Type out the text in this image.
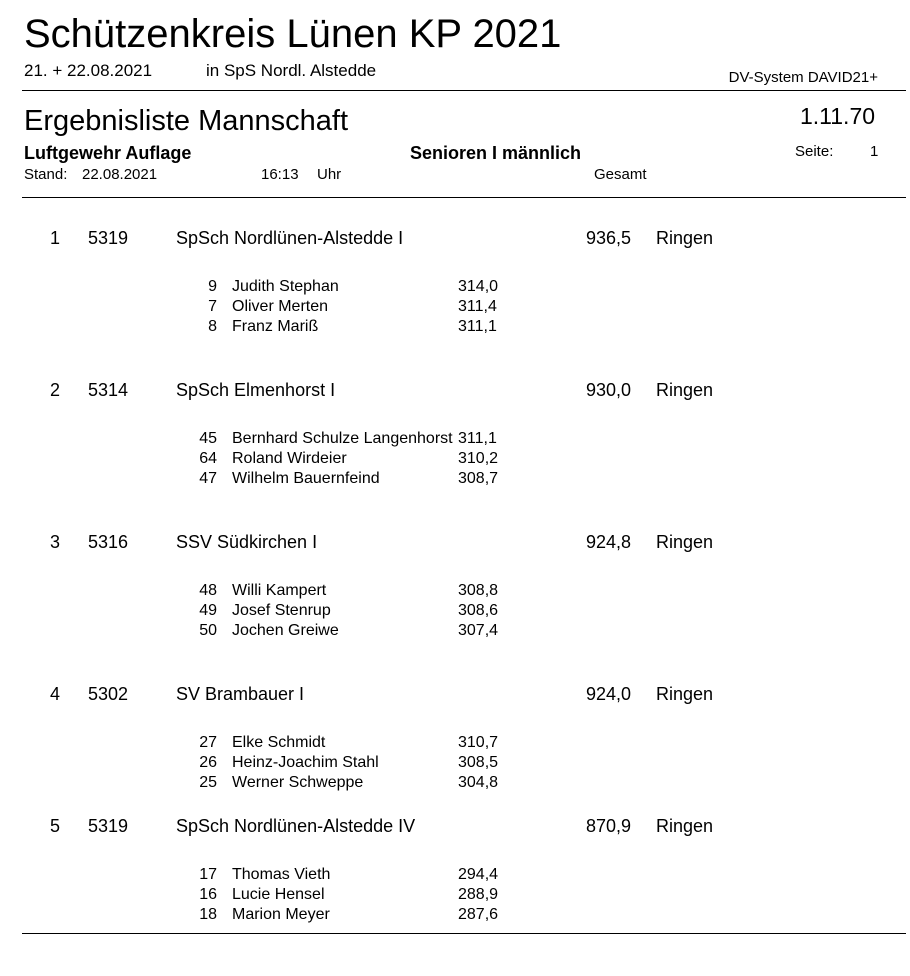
Schützenkreis Lünen KP 2021
21. + 22.08.2021	in SpS Nordl. Alstedde	DV-System DAVID21+
Ergebnisliste Mannschaft	1.11.70
Luftgewehr Auflage	Senioren I männlich	Seite: 1
Stand: 22.08.2021	16:13 Uhr	Gesamt
1 5319	SpSch Nordlünen-Alstedde I	936,5 Ringen
9 Judith Stephan	314,0
7 Oliver Merten	311,4
8 Franz Mariß	311,1
2 5314	SpSch Elmenhorst I	930,0 Ringen
45 Bernhard Schulze Langenhorst 311,1
64 Roland Wirdeier	310,2
47 Wilhelm Bauernfeind	308,7
3 5316	SSV Südkirchen I	924,8 Ringen
48 Willi Kampert	308,8
49 Josef Stenrup	308,6
50 Jochen Greiwe	307,4
4 5302	SV Brambauer I	924,0 Ringen
27 Elke Schmidt	310,7
26 Heinz-Joachim Stahl	308,5
25 Werner Schweppe	304,8
5 5319	SpSch Nordlünen-Alstedde IV	870,9 Ringen
17 Thomas Vieth	294,4
16 Lucie Hensel	288,9
18 Marion Meyer	287,6
